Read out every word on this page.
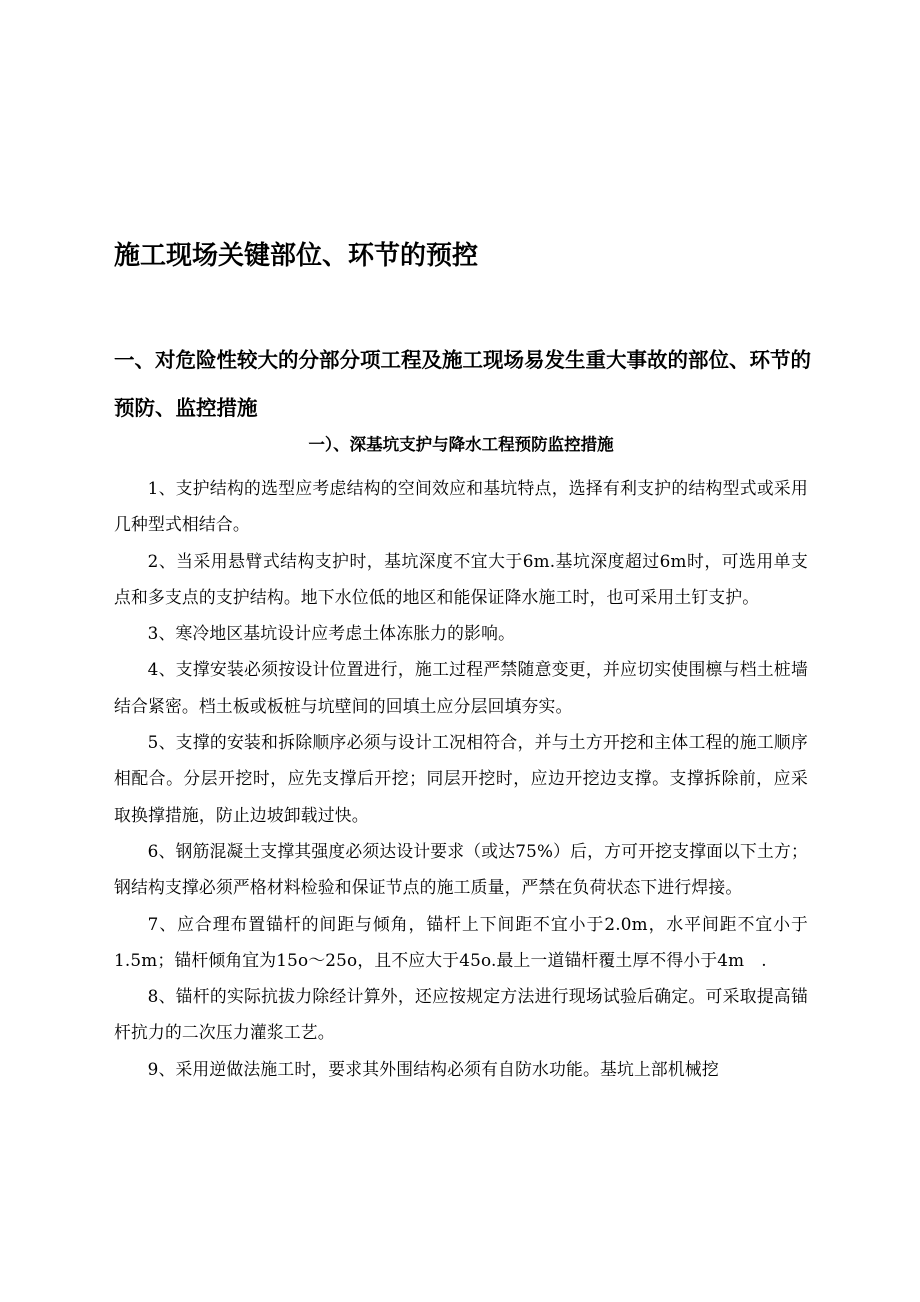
施工现场关键部位、环节的预控
一、对危险性较大的分部分项工程及施工现场易发生重大事故的部位、环节的预防、监控措施
一）、深基坑支护与降水工程预防监控措施

1、支护结构的选型应考虑结构的空间效应和基坑特点，选择有利支护的结构型式或采用几种型式相结合。

2、当采用悬臂式结构支护时，基坑深度不宜大于6m.基坑深度超过6m时，可选用单支点和多支点的支护结构。地下水位低的地区和能保证降水施工时，也可采用土钉支护。

3、寒冷地区基坑设计应考虑土体冻胀力的影响。

4、支撑安装必须按设计位置进行，施工过程严禁随意变更，并应切实使围檩与档土桩墙结合紧密。档土板或板桩与坑壁间的回填土应分层回填夯实。

5、支撑的安装和拆除顺序必须与设计工况相符合，并与土方开挖和主体工程的施工顺序相配合。分层开挖时，应先支撑后开挖；同层开挖时，应边开挖边支撑。支撑拆除前，应采取换撑措施，防止边坡卸载过快。

6、钢筋混凝土支撑其强度必须达设计要求（或达75%）后，方可开挖支撑面以下土方；钢结构支撑必须严格材料检验和保证节点的施工质量，严禁在负荷状态下进行焊接。

7、应合理布置锚杆的间距与倾角，锚杆上下间距不宜小于2.0m，水平间距不宜小于1.5m；锚杆倾角宜为15o～25o，且不应大于45o.最上一道锚杆覆土厚不得小于4m　.

8、锚杆的实际抗拔力除经计算外，还应按规定方法进行现场试验后确定。可采取提高锚杆抗力的二次压力灌浆工艺。

9、采用逆做法施工时，要求其外围结构必须有自防水功能。基坑上部机械挖
